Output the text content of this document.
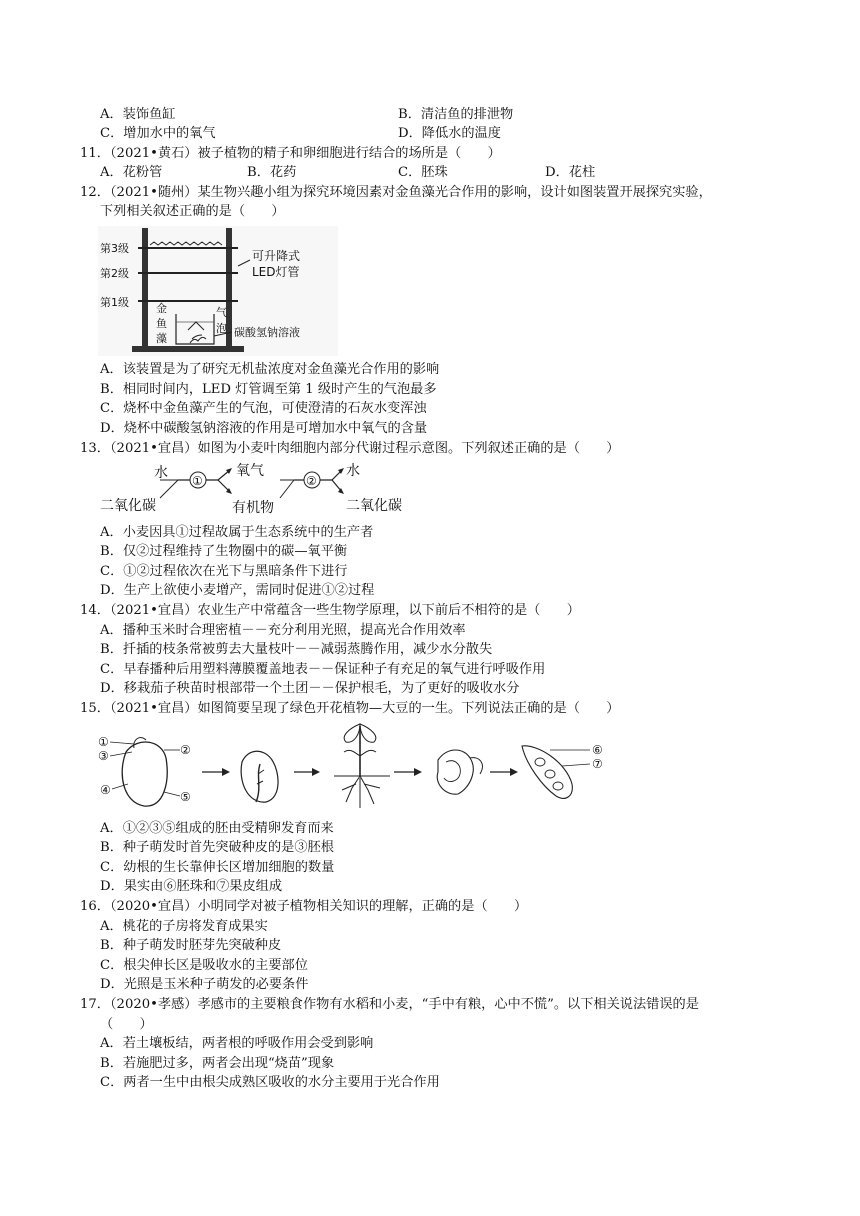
A．装饰鱼缸	B．清洁鱼的排泄物
C．增加水中的氧气	D．降低水的温度
11．（2021•黄石）被子植物的精子和卵细胞进行结合的场所是（　　）
A．花粉管	B．花药	C．胚珠	D．花柱
12．（2021•随州）某生物兴趣小组为探究环境因素对金鱼藻光合作用的影响，设计如图装置开展探究实验，
下列相关叙述正确的是（　　）
第3级
第2级
第1级
可升降式
LED灯管
金
鱼
藻
气
泡 碳酸氢钠溶液
A．该装置是为了研究无机盐浓度对金鱼藻光合作用的影响
B．相同时间内，LED 灯管调至第 1 级时产生的气泡最多
C．烧杯中金鱼藻产生的气泡，可使澄清的石灰水变浑浊
D．烧杯中碳酸氢钠溶液的作用是可增加水中氧气的含量
13．（2021•宜昌）如图为小麦叶肉细胞内部分代谢过程示意图。下列叙述正确的是（　　）
水
二氧化碳
①
氧气
有机物
②
水
二氧化碳
A．小麦因具①过程故属于生态系统中的生产者
B．仅②过程维持了生物圈中的碳—氧平衡
C．①②过程依次在光下与黑暗条件下进行
D．生产上欲使小麦增产，需同时促进①②过程
14．（2021•宜昌）农业生产中常蕴含一些生物学原理，以下前后不相符的是（　　）
A．播种玉米时合理密植－－充分利用光照，提高光合作用效率
B．扦插的枝条常被剪去大量枝叶－－减弱蒸腾作用，减少水分散失
C．早春播种后用塑料薄膜覆盖地表－－保证种子有充足的氧气进行呼吸作用
D．移栽茄子秧苗时根部带一个土团－－保护根毛，为了更好的吸收水分
15．（2021•宜昌）如图简要呈现了绿色开花植物—大豆的一生。下列说法正确的是（　　）
①
③	②
④	⑤
⑥
⑦
A．①②③⑤组成的胚由受精卵发育而来
B．种子萌发时首先突破种皮的是③胚根
C．幼根的生长靠伸长区增加细胞的数量
D．果实由⑥胚珠和⑦果皮组成
16．（2020•宜昌）小明同学对被子植物相关知识的理解，正确的是（　　）
A．桃花的子房将发育成果实
B．种子萌发时胚芽先突破种皮
C．根尖伸长区是吸收水的主要部位
D．光照是玉米种子萌发的必要条件
17．（2020•孝感）孝感市的主要粮食作物有水稻和小麦，“手中有粮，心中不慌”。以下相关说法错误的是
（　　）
A．若土壤板结，两者根的呼吸作用会受到影响
B．若施肥过多，两者会出现“烧苗”现象
C．两者一生中由根尖成熟区吸收的水分主要用于光合作用
